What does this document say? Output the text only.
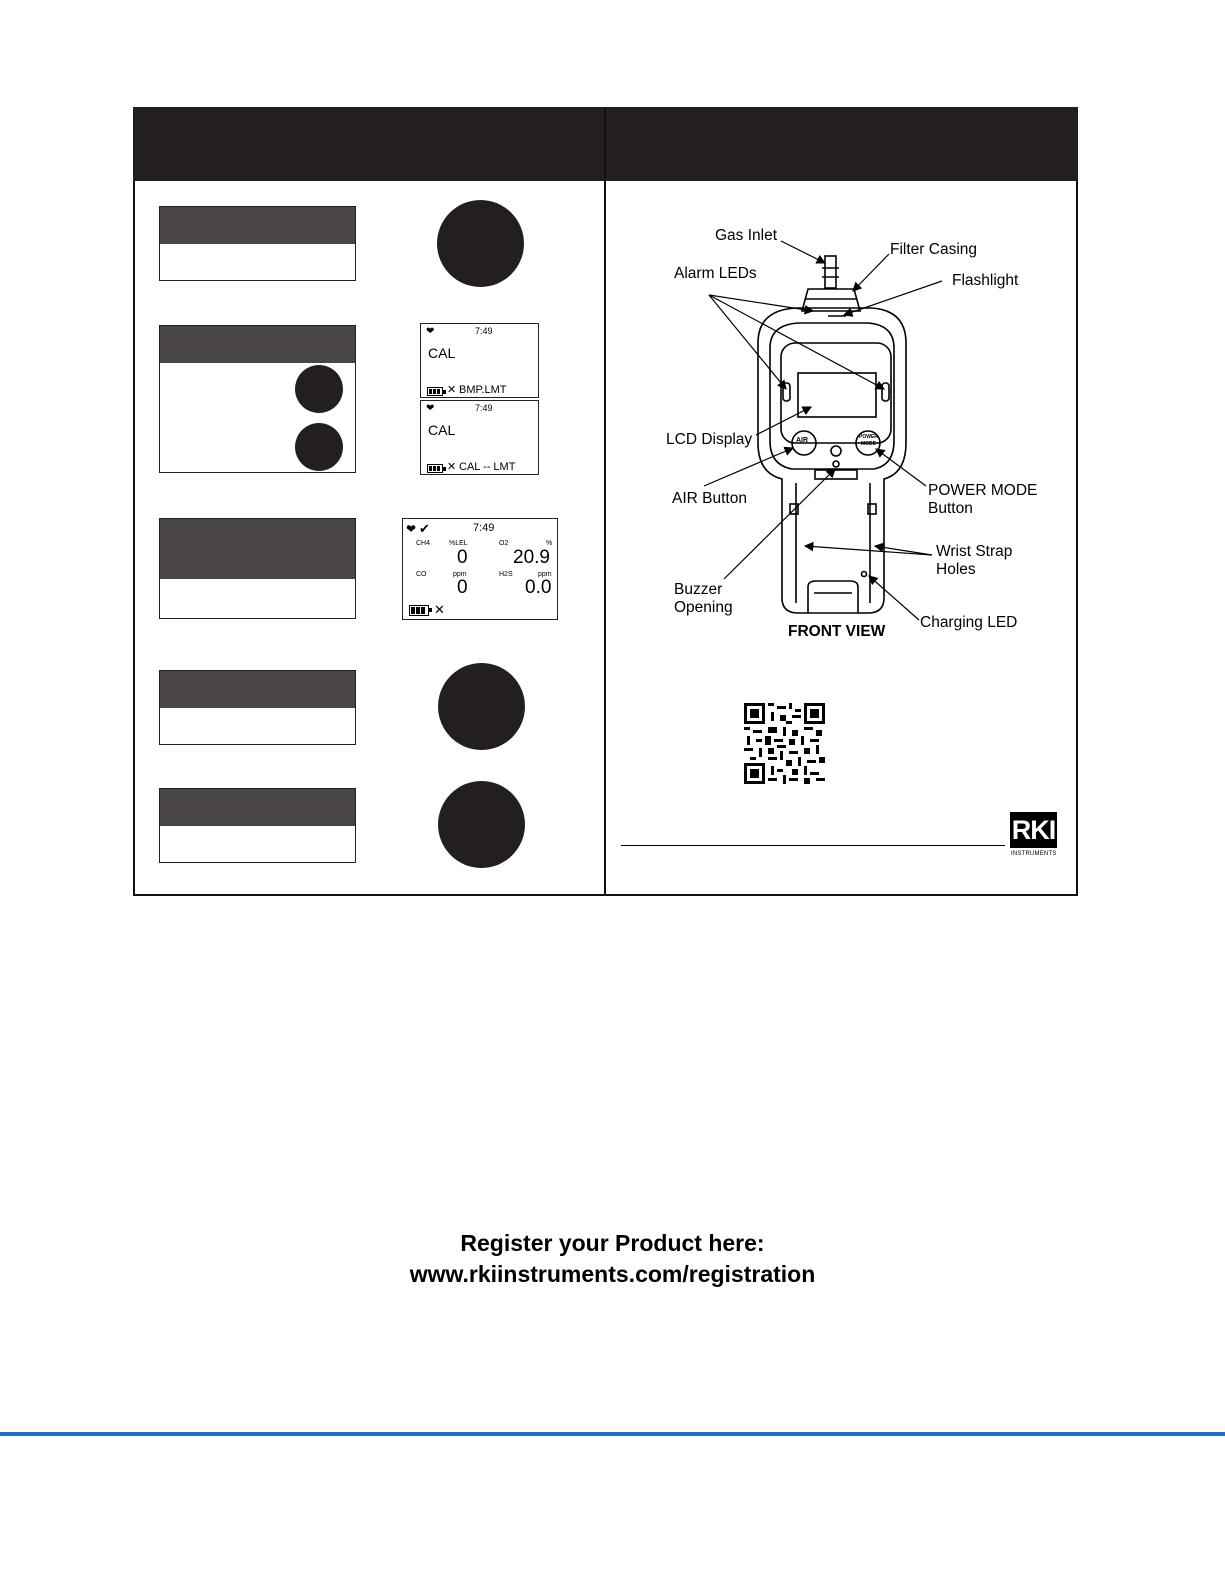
❤	7:49
CAL
✕ BMP.LMT
❤	7:49
CAL
✕ CAL -- LMT
❤ ✔	7:49
CH4	%LEL
0
O2	%
20.9
CO	ppm
0
H2S	ppm
0.0
✕
AIR	POWER
MODE
Gas Inlet
Filter Casing
Alarm LEDs	Flashlight
LCD Display
AIR Button	POWER MODE
Button
Wrist Strap
Holes
Buzzer
Opening
Charging LED
FRONT VIEW
RKI
INSTRUMENTS
Register your Product here:
www.rkiinstruments.com/registration
